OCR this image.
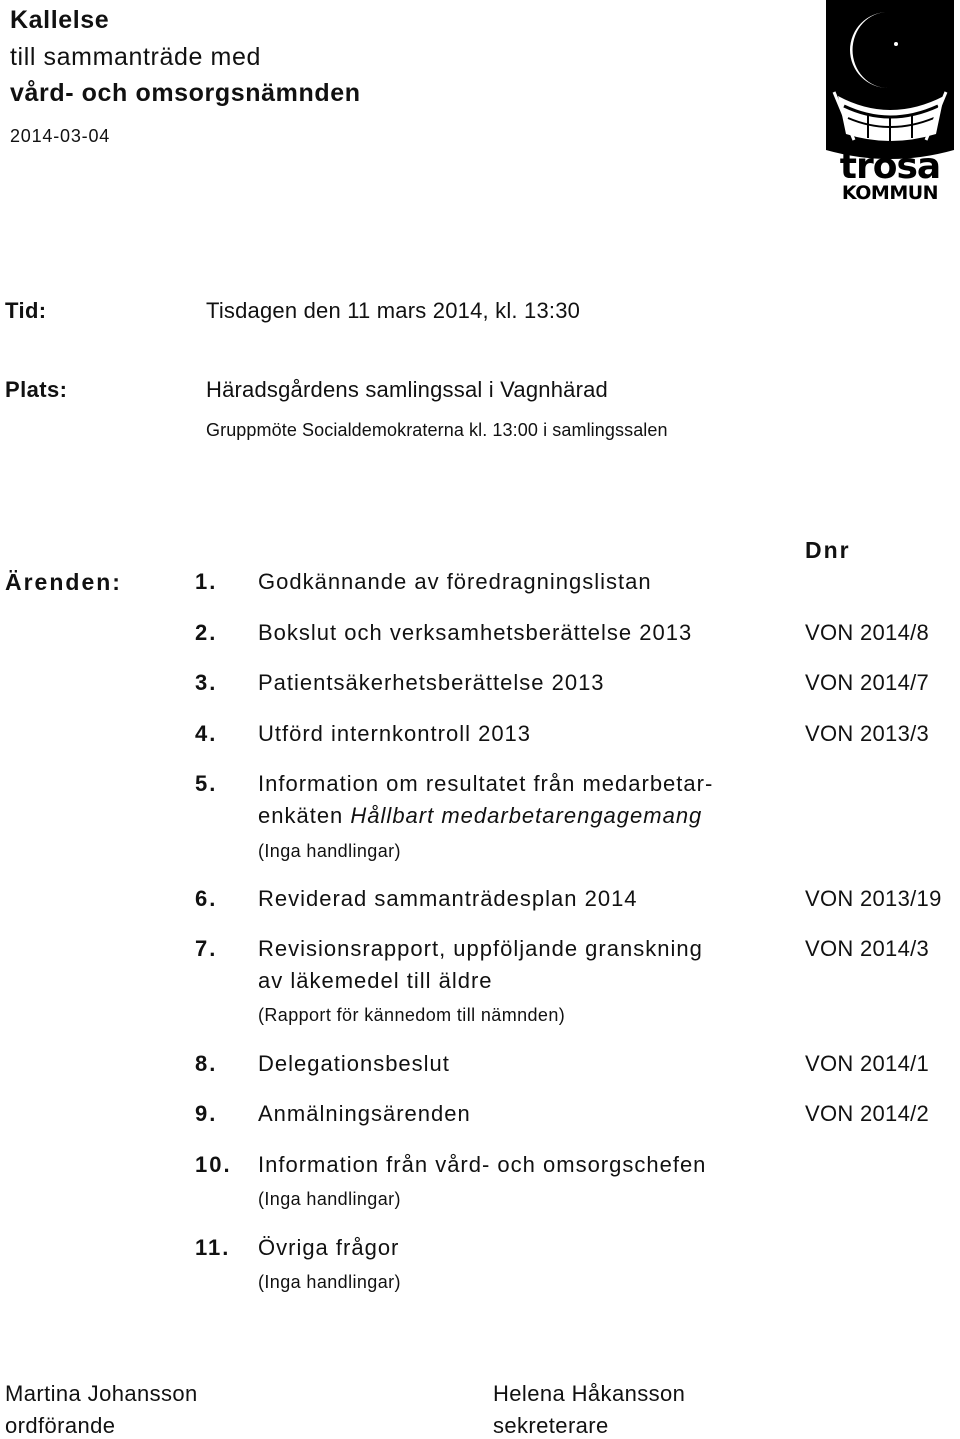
Kallelse
till sammanträde med
vård- och omsorgsnämnden
2014-03-04
trosa
KOMMUN
Tid:	Tisdagen den 11 mars 2014, kl. 13:30
Plats:	Häradsgårdens samlingssal i Vagnhärad
Gruppmöte Socialdemokraterna kl. 13:00 i samlingssalen
Ärenden:
Dnr
1. Godkännande av föredragningslistan
2. Bokslut och verksamhetsberättelse 2013	VON 2014/8
3. Patientsäkerhetsberättelse 2013	VON 2014/7
4. Utförd internkontroll 2013	VON 2013/3
5. Information om resultatet från medarbetar-
enkäten Hållbart medarbetarengagemang
(Inga handlingar)
6. Reviderad sammanträdesplan 2014	VON 2013/19
7. Revisionsrapport, uppföljande granskning	VON 2014/3
av läkemedel till äldre
(Rapport för kännedom till nämnden)
8. Delegationsbeslut	VON 2014/1
9. Anmälningsärenden	VON 2014/2
10. Information från vård- och omsorgschefen
(Inga handlingar)
11. Övriga frågor
(Inga handlingar)
Martina Johansson
ordförande
Helena Håkansson
sekreterare
